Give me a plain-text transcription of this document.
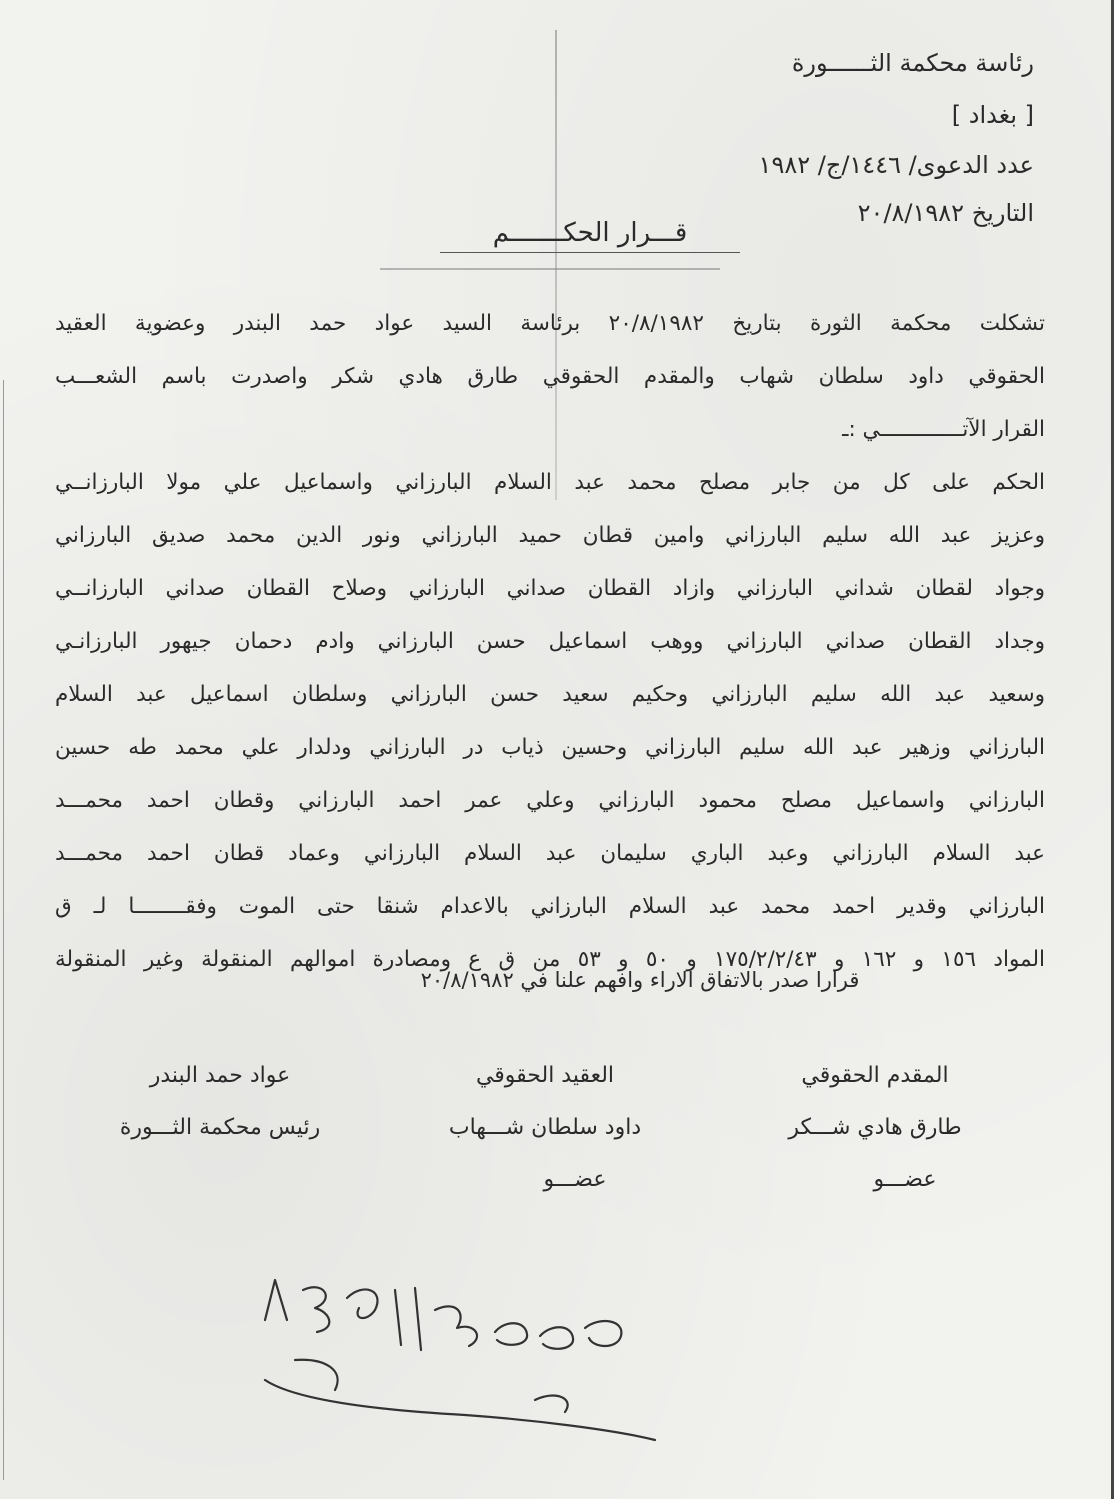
رئاسة محكمة الثــــــورة
[ بغداد ]
عدد الدعوى/ ١٤٤٦/ج/ ١٩٨٢
التاريخ ٢٠/٨/١٩٨٢
قـــرار الحكـــــــم
تشكلت محكمة الثورة بتاريخ ٢٠/٨/١٩٨٢ برئاسة السيد عواد حمد البندر وعضوية العقيد
الحقوقي داود سلطان شهاب والمقدم الحقوقي طارق هادي شكر واصدرت باسم الشعـــب
القرار الآتـــــــــــــي :ـ
الحكم على كل من جابر مصلح محمد عبد السلام البارزاني واسماعيل علي مولا البارزانــي
وعزيز عبد الله سليم البارزاني وامين قطان حميد البارزاني ونور الدين محمد صديق البارزاني
وجواد لقطان شداني البارزاني وازاد القطان صداني البارزاني وصلاح القطان صداني البارزانــي
وجداد القطان صداني البارزاني ووهب اسماعيل حسن البارزاني وادم دحمان جيهور البارزانـي
وسعيد عبد الله سليم البارزاني وحكيم سعيد حسن البارزاني وسلطان اسماعيل عبد السلام
البارزاني وزهير عبد الله سليم البارزاني وحسين ذياب در البارزاني ودلدار علي محمد طه حسين
البارزاني واسماعيل مصلح محمود البارزاني وعلي عمر احمد البارزاني وقطان احمد محمـــد
عبد السلام البارزاني وعبد الباري سليمان عبد السلام البارزاني وعماد قطان احمد محمـــد
البارزاني وقدير احمد محمد عبد السلام البارزاني بالاعدام شنقا حتى الموت وفقــــــــا لـ ق
المواد ١٥٦ و ١٦٢ و ١٧٥/٢/٢/٤٣ و ٥٠ و ٥٣ من ق ع ومصادرة اموالهم المنقولة وغير المنقولة
قرارا صدر بالاتفاق الاراء وافهم علنا في ٢٠/٨/١٩٨٢
عواد حمد البندر
رئيس محكمة الثـــورة
العقيد الحقوقي
داود سلطان شـــهاب
عضـــو
المقدم الحقوقي
طارق هادي شـــكر
عضـــو
